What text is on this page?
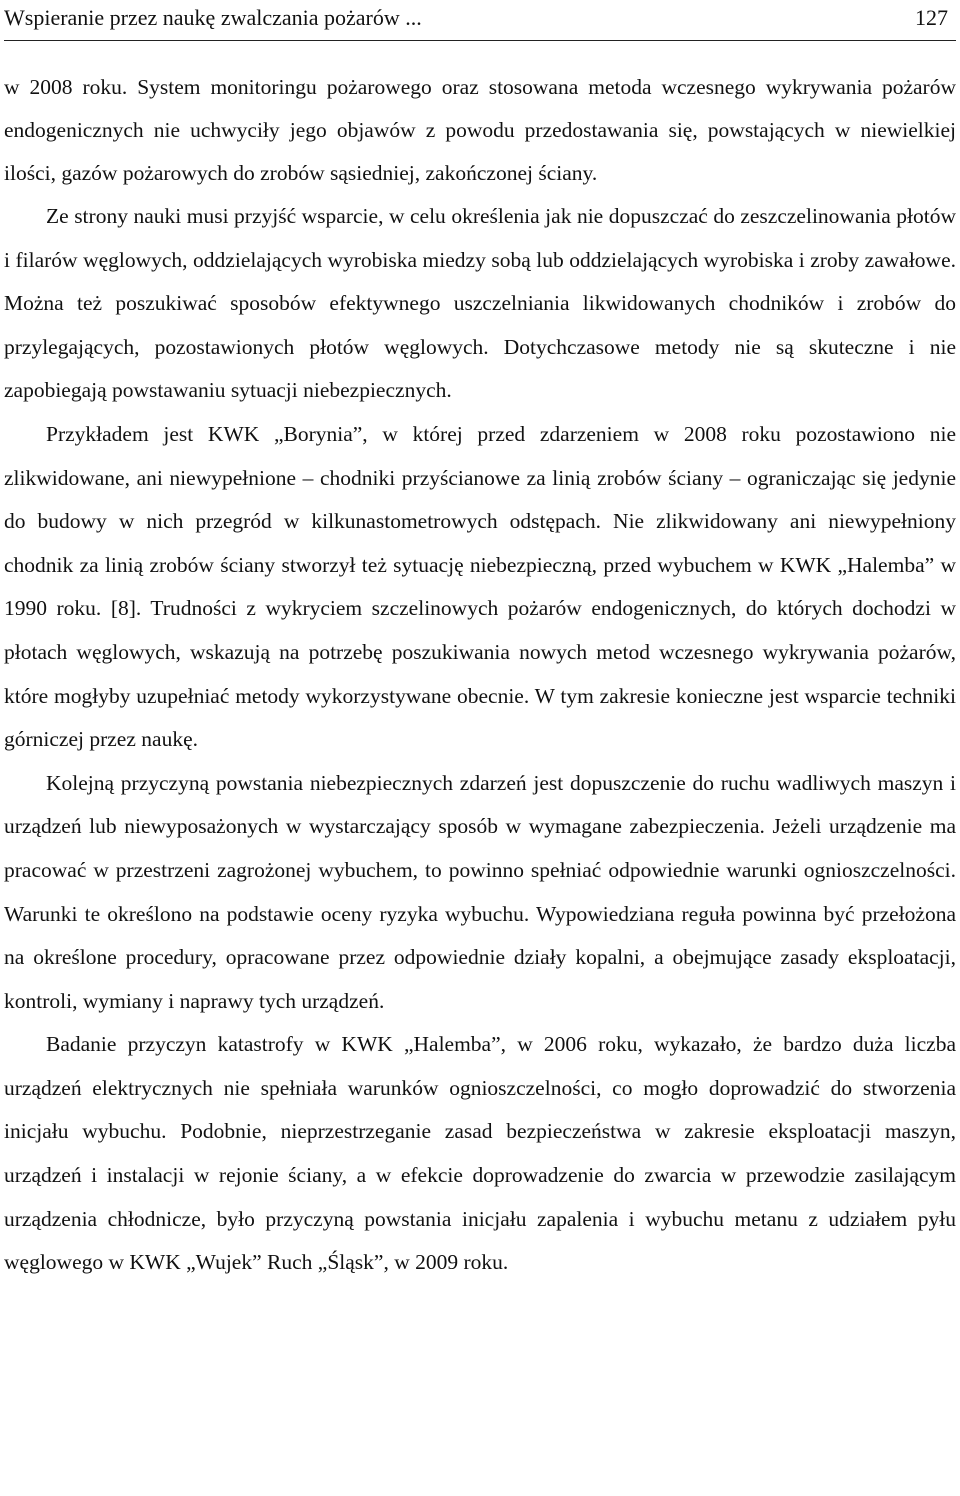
Wspieranie przez naukę zwalczania pożarów ...	127

w 2008 roku. System monitoringu pożarowego oraz stosowana metoda wczesnego wykrywania pożarów endogenicznych nie uchwyciły jego objawów z powodu przedostawania się, powstających w niewielkiej ilości, gazów pożarowych do zrobów sąsiedniej, zakończonej ściany.

Ze strony nauki musi przyjść wsparcie, w celu określenia jak nie dopuszczać do zeszczelinowania płotów i filarów węglowych, oddzielających wyrobiska miedzy sobą lub oddzielających wyrobiska i zroby zawałowe. Można też poszukiwać sposobów efektywnego uszczelniania likwidowanych chodników i zrobów do przylegających, pozostawionych płotów węglowych. Dotychczasowe metody nie są skuteczne i nie zapobiegają powstawaniu sytuacji niebezpiecznych.

Przykładem jest KWK „Borynia”, w której przed zdarzeniem w 2008 roku pozostawiono nie zlikwidowane, ani niewypełnione – chodniki przyścianowe za linią zrobów ściany – ograniczając się jedynie do budowy w nich przegród w kilkunastometrowych odstępach. Nie zlikwidowany ani niewypełniony chodnik za linią zrobów ściany stworzył też sytuację niebezpieczną, przed wybuchem w KWK „Halemba” w 1990 roku. [8]. Trudności z wykryciem szczelinowych pożarów endogenicznych, do których dochodzi w płotach węglowych, wskazują na potrzebę poszukiwania nowych metod wczesnego wykrywania pożarów, które mogłyby uzupełniać metody wykorzystywane obecnie. W tym zakresie konieczne jest wsparcie techniki górniczej przez naukę.

Kolejną przyczyną powstania niebezpiecznych zdarzeń jest dopuszczenie do ruchu wadliwych maszyn i urządzeń lub niewyposażonych w wystarczający sposób w wymagane zabezpieczenia. Jeżeli urządzenie ma pracować w przestrzeni zagrożonej wybuchem, to powinno spełniać odpowiednie warunki ognioszczelności. Warunki te określono na podstawie oceny ryzyka wybuchu. Wypowiedziana reguła powinna być przełożona na określone procedury, opracowane przez odpowiednie działy kopalni, a obejmujące zasady eksploatacji, kontroli, wymiany i naprawy tych urządzeń.

Badanie przyczyn katastrofy w KWK „Halemba”, w 2006 roku, wykazało, że bardzo duża liczba urządzeń elektrycznych nie spełniała warunków ognioszczelności, co mogło doprowadzić do stworzenia inicjału wybuchu. Podobnie, nieprzestrzeganie zasad bezpieczeństwa w zakresie eksploatacji maszyn, urządzeń i instalacji w rejonie ściany, a w efekcie doprowadzenie do zwarcia w przewodzie zasilającym urządzenia chłodnicze, było przyczyną powstania inicjału zapalenia i wybuchu metanu z udziałem pyłu węglowego w KWK „Wujek” Ruch „Śląsk”, w 2009 roku.
